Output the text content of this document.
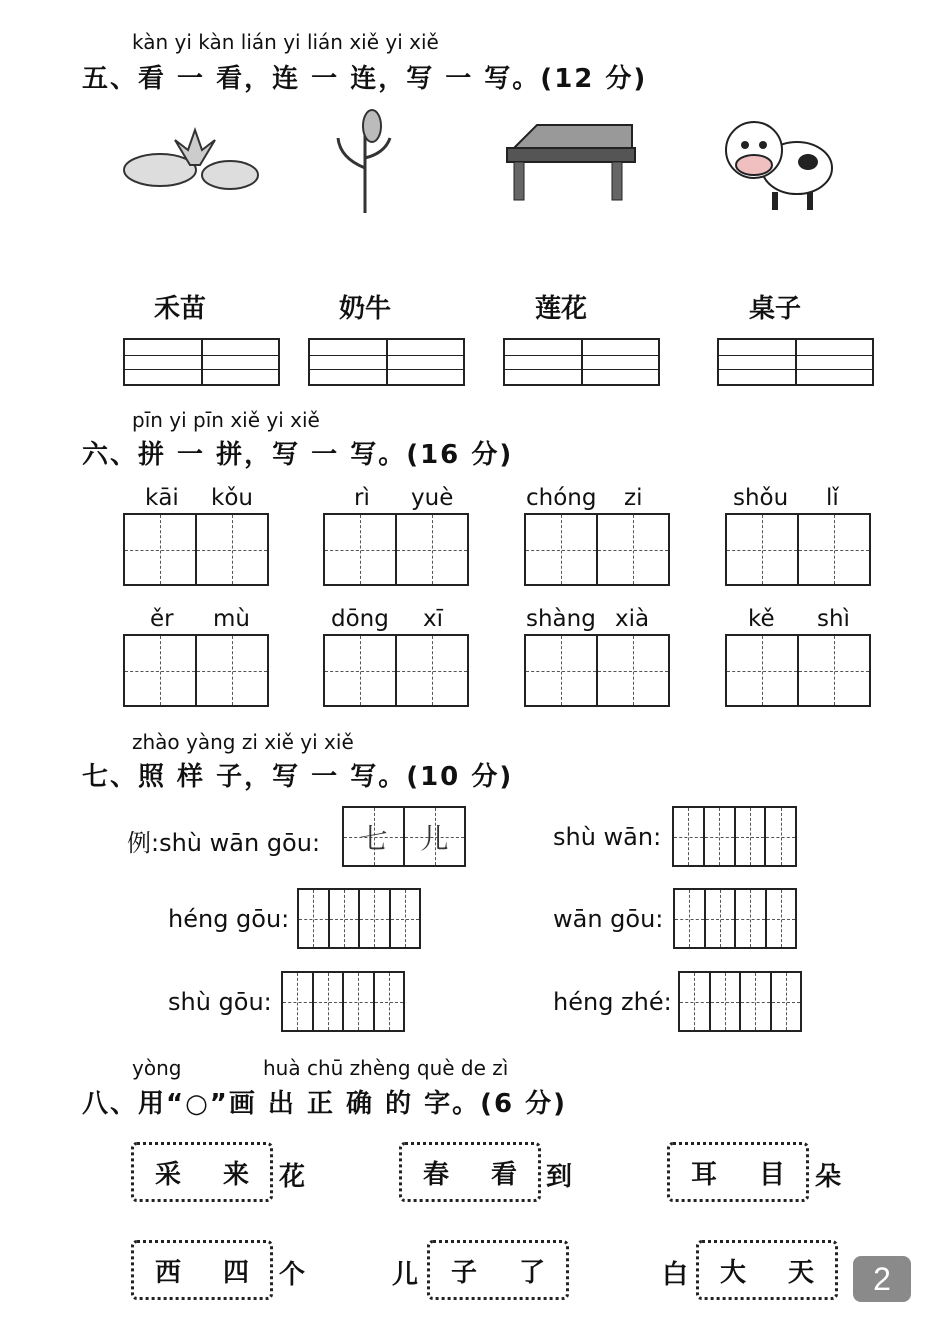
kàn yi kàn lián yi lián xiě yi xiě
五、看 一 看，连 一 连，写 一 写。(12 分)
禾苗	奶牛	莲花	桌子
pīn yi pīn xiě yi xiě
六、拼 一 拼，写 一 写。(16 分)
kāi kǒu	rì yuè	chóng zi	shǒu lǐ
ěr mù	dōng xī	shàng xià	kě shì
zhào yàng zi xiě yi xiě
七、照 样 子，写 一 写。(10 分)
例:shù wān gōu:	七	儿	shù wān:
héng gōu:	wān gōu:
shù gōu:	héng zhé:
yòng	huà chū zhèng què de zì
八、用“○”画 出 正 确 的 字。(6 分)
采 来 花	春 看 到	耳 目 朵
西 四 个	儿 子 了	白 大 天	2
